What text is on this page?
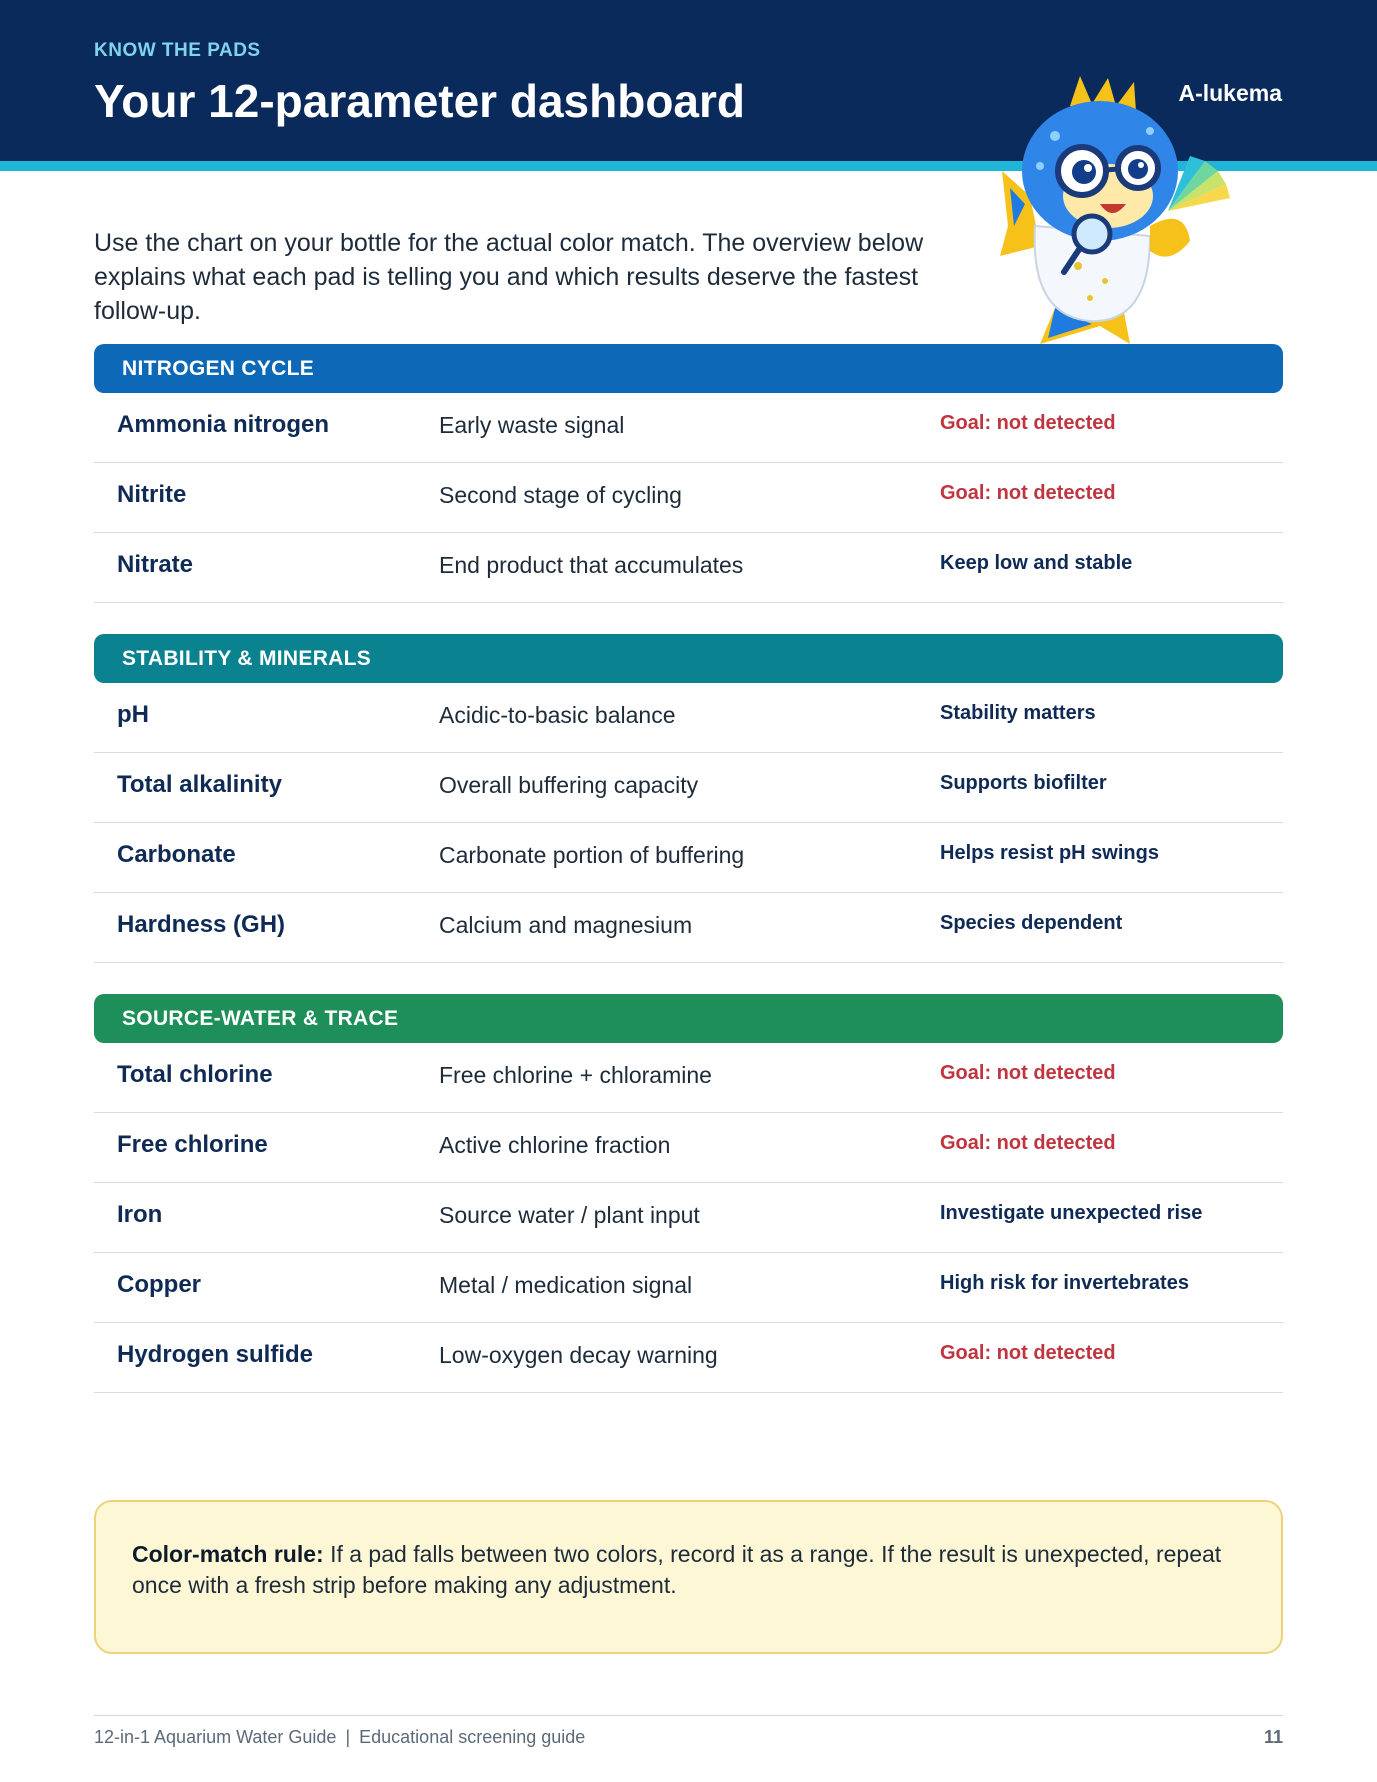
KNOW THE PADS
Your 12-parameter dashboard	A-lukema
Use the chart on your bottle for the actual color match. The overview below explains what each pad is telling you and which results deserve the fastest follow-up.
NITROGEN CYCLE
Ammonia nitrogen	Early waste signal	Goal: not detected
Nitrite	Second stage of cycling	Goal: not detected
Nitrate	End product that accumulates	Keep low and stable
STABILITY & MINERALS
pH	Acidic-to-basic balance	Stability matters
Total alkalinity	Overall buffering capacity	Supports biofilter
Carbonate	Carbonate portion of buffering	Helps resist pH swings
Hardness (GH)	Calcium and magnesium	Species dependent
SOURCE-WATER & TRACE
Total chlorine	Free chlorine + chloramine	Goal: not detected
Free chlorine	Active chlorine fraction	Goal: not detected
Iron	Source water / plant input	Investigate unexpected rise
Copper	Metal / medication signal	High risk for invertebrates
Hydrogen sulfide	Low-oxygen decay warning	Goal: not detected
Color-match rule: If a pad falls between two colors, record it as a range. If the result is unexpected, repeat once with a fresh strip before making any adjustment.
12-in-1 Aquarium Water Guide | Educational screening guide	11
